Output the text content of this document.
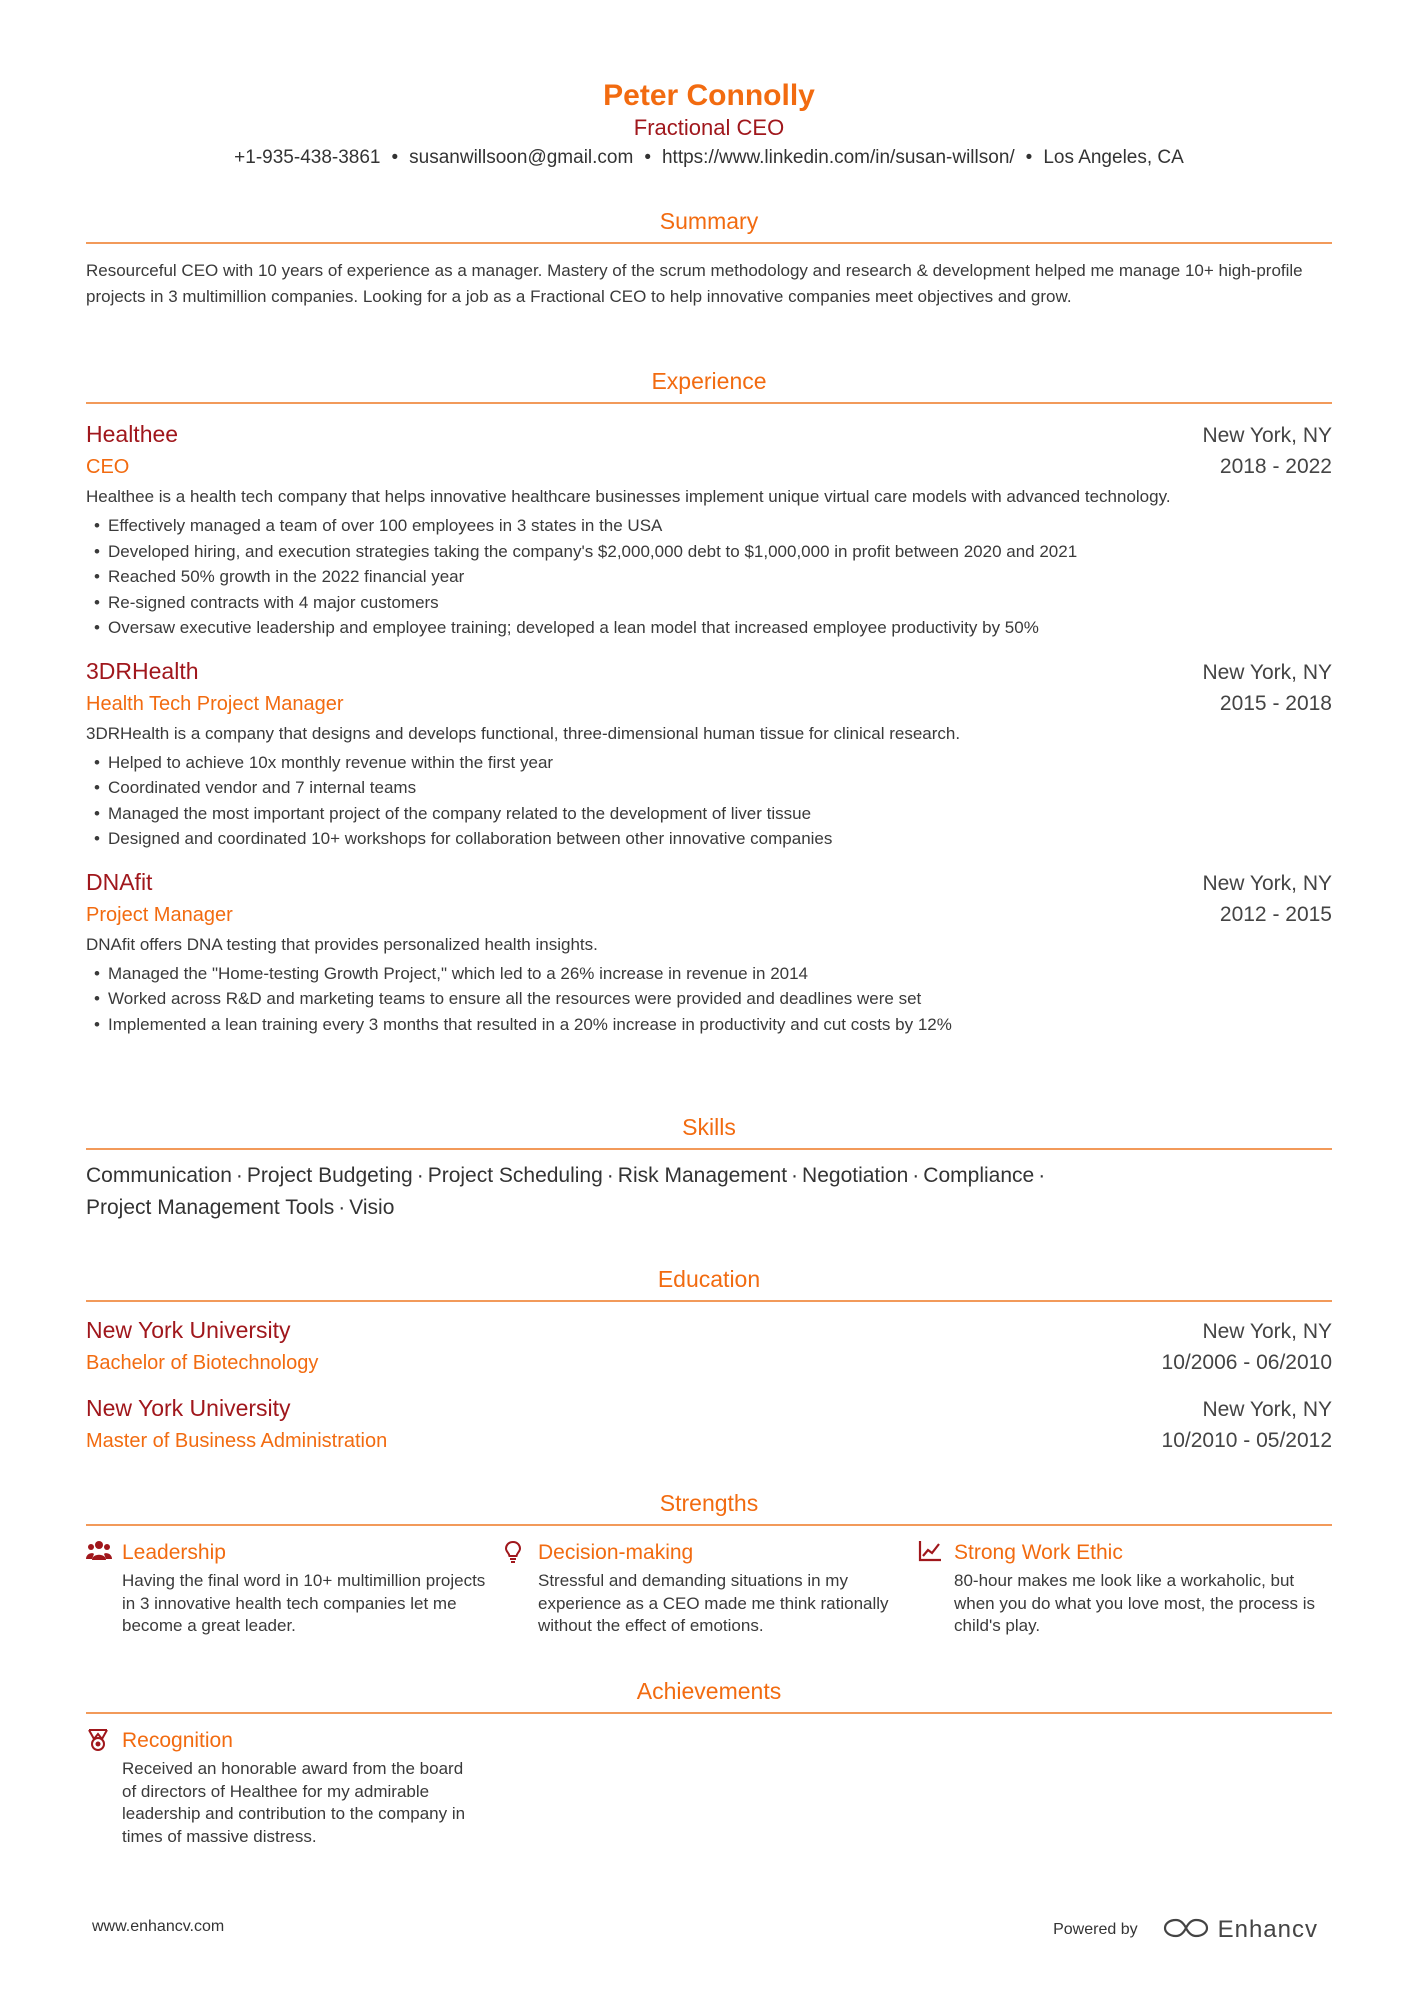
Peter Connolly
Fractional CEO
+1-935-438-3861 • susanwillsoon@gmail.com • https://www.linkedin.com/in/susan-willson/ • Los Angeles, CA
Summary

Resourceful CEO with 10 years of experience as a manager. Mastery of the scrum methodology and research & development helped me manage 10+ high-profile projects in 3 multimillion companies. Looking for a job as a Fractional CEO to help innovative companies meet objectives and grow.

Experience
Healthee	New York, NY
CEO	2018 - 2022
Healthee is a health tech company that helps innovative healthcare businesses implement unique virtual care models with advanced technology.
• Effectively managed a team of over 100 employees in 3 states in the USA
• Developed hiring, and execution strategies taking the company's $2,000,000 debt to $1,000,000 in profit between 2020 and 2021
• Reached 50% growth in the 2022 financial year
• Re-signed contracts with 4 major customers
• Oversaw executive leadership and employee training; developed a lean model that increased employee productivity by 50%
3DRHealth	New York, NY
Health Tech Project Manager	2015 - 2018
3DRHealth is a company that designs and develops functional, three-dimensional human tissue for clinical research.
• Helped to achieve 10x monthly revenue within the first year
• Coordinated vendor and 7 internal teams
• Managed the most important project of the company related to the development of liver tissue
• Designed and coordinated 10+ workshops for collaboration between other innovative companies
DNAfit	New York, NY
Project Manager	2012 - 2015
DNAfit offers DNA testing that provides personalized health insights.
• Managed the "Home-testing Growth Project," which led to a 26% increase in revenue in 2014
• Worked across R&D and marketing teams to ensure all the resources were provided and deadlines were set
• Implemented a lean training every 3 months that resulted in a 20% increase in productivity and cut costs by 12%
Skills
Communication · Project Budgeting · Project Scheduling · Risk Management · Negotiation · Compliance ·
Project Management Tools · Visio
Education
New York University	New York, NY
Bachelor of Biotechnology	10/2006 - 06/2010
New York University	New York, NY
Master of Business Administration	10/2010 - 05/2012
Strengths
Leadership
Having the final word in 10+ multimillion projects in 3 innovative health tech companies let me become a great leader.
Decision-making
Stressful and demanding situations in my experience as a CEO made me think rationally without the effect of emotions.
Strong Work Ethic
80-hour makes me look like a workaholic, but when you do what you love most, the process is child's play.
Achievements
Recognition
Received an honorable award from the board of directors of Healthee for my admirable leadership and contribution to the company in times of massive distress.
www.enhancv.com	Powered by	Enhancv
